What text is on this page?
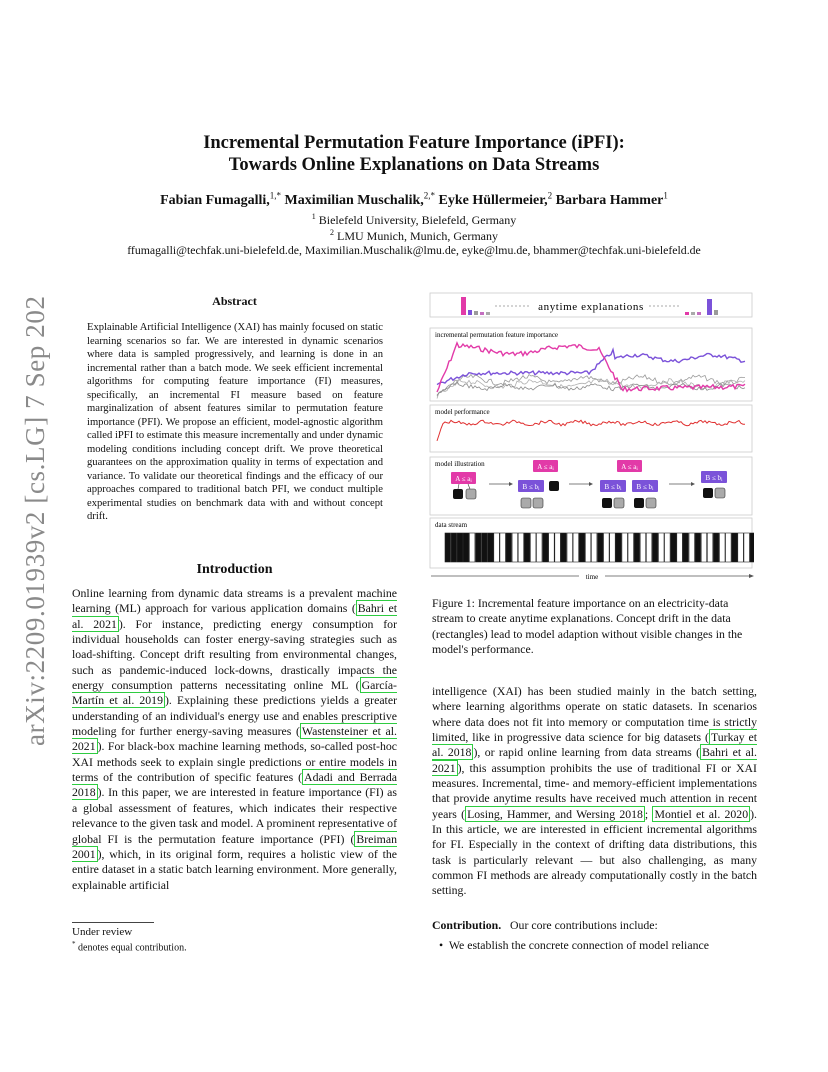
arXiv:2209.01939v2 [cs.LG] 7 Sep 2022
Incremental Permutation Feature Importance (iPFI):
Towards Online Explanations on Data Streams
Fabian Fumagalli,$^{1,*}$ Maximilian Muschalik,$^{2,*}$ Eyke Hüllermeier,$^2$ Barbara Hammer$^1$
$^1$ Bielefeld University, Bielefeld, Germany
$^2$ LMU Munich, Munich, Germany
ffumagalli@techfak.uni-bielefeld.de, Maximilian.Muschalik@lmu.de, eyke@lmu.de, bhammer@techfak.uni-bielefeld.de
Abstract
Explainable Artificial Intelligence (XAI) has mainly focused on static learning scenarios so far. We are interested in dynamic scenarios where data is sampled progressively, and learning is done in an incremental rather than a batch mode. We seek efficient incremental algorithms for computing feature importance (FI) measures, specifically, an incremental FI measure based on feature marginalization of absent features similar to permutation feature importance (PFI). We propose an efficient, model-agnostic algorithm called iPFI to estimate this measure incrementally and under dynamic modeling conditions including concept drift. We prove theoretical guarantees on the approximation quality in terms of expectation and variance. To validate our theoretical findings and the efficacy of our approaches compared to traditional batch PFI, we conduct multiple experimental studies on benchmark data with and without concept drift.
Introduction
Online learning from dynamic data streams is a prevalent machine learning (ML) approach for various application domains ( Bahri et al. 2021 ). For instance, predicting energy consumption for individual households can foster energy-saving strategies such as load-shifting. Concept drift resulting from environmental changes, such as pandemic-induced lock-downs, drastically impacts the energy consumption patterns necessitating online ML ( García-Martín et al. 2019 ). Explaining these predictions yields a greater understanding of an individual's energy use and enables prescriptive modeling for further energy-saving measures ( Wastensteiner et al. 2021 ). For black-box machine learning methods, so-called post-hoc XAI methods seek to explain single predictions or entire models in terms of the contribution of specific features ( Adadi and Berrada 2018 ). In this paper, we are interested in feature importance (FI) as a global assessment of features, which indicates their respective relevance to the given task and model. A prominent representative of global FI is the permutation feature importance (PFI) ( Breiman 2001 ), which, in its original form, requires a holistic view of the entire dataset in a static batch learning environment. More generally, explainable artificial
Under review
* denotes equal contribution.
anytime explanations
incremental permutation feature importance
model performance
model illustration
A ≤ ai
A ≤ ai
B ≤ bi
A ≤ ai
B ≤ bi B ≤ bi
B ≤ bi
data stream
time
Figure 1: Incremental feature importance on an electricity-data stream to create anytime explanations. Concept drift in the data (rectangles) lead to model adaption without visible changes in the model's performance.
intelligence (XAI) has been studied mainly in the batch setting, where learning algorithms operate on static datasets. In scenarios where data does not fit into memory or computation time is strictly limited, like in progressive data science for big datasets ( Turkay et al. 2018 ), or rapid online learning from data streams ( Bahri et al. 2021 ), this assumption prohibits the use of traditional FI or XAI measures. Incremental, time- and memory-efficient implementations that provide anytime results have received much attention in recent years ( Losing, Hammer, and Wersing 2018 ; Montiel et al. 2020 ). In this article, we are interested in efficient incremental algorithms for FI. Especially in the context of drifting data distributions, this task is particularly relevant — but also challenging, as many common FI methods are already computationally costly in the batch setting.
Contribution. Our core contributions include:
•  We establish the concrete connection of model reliance
